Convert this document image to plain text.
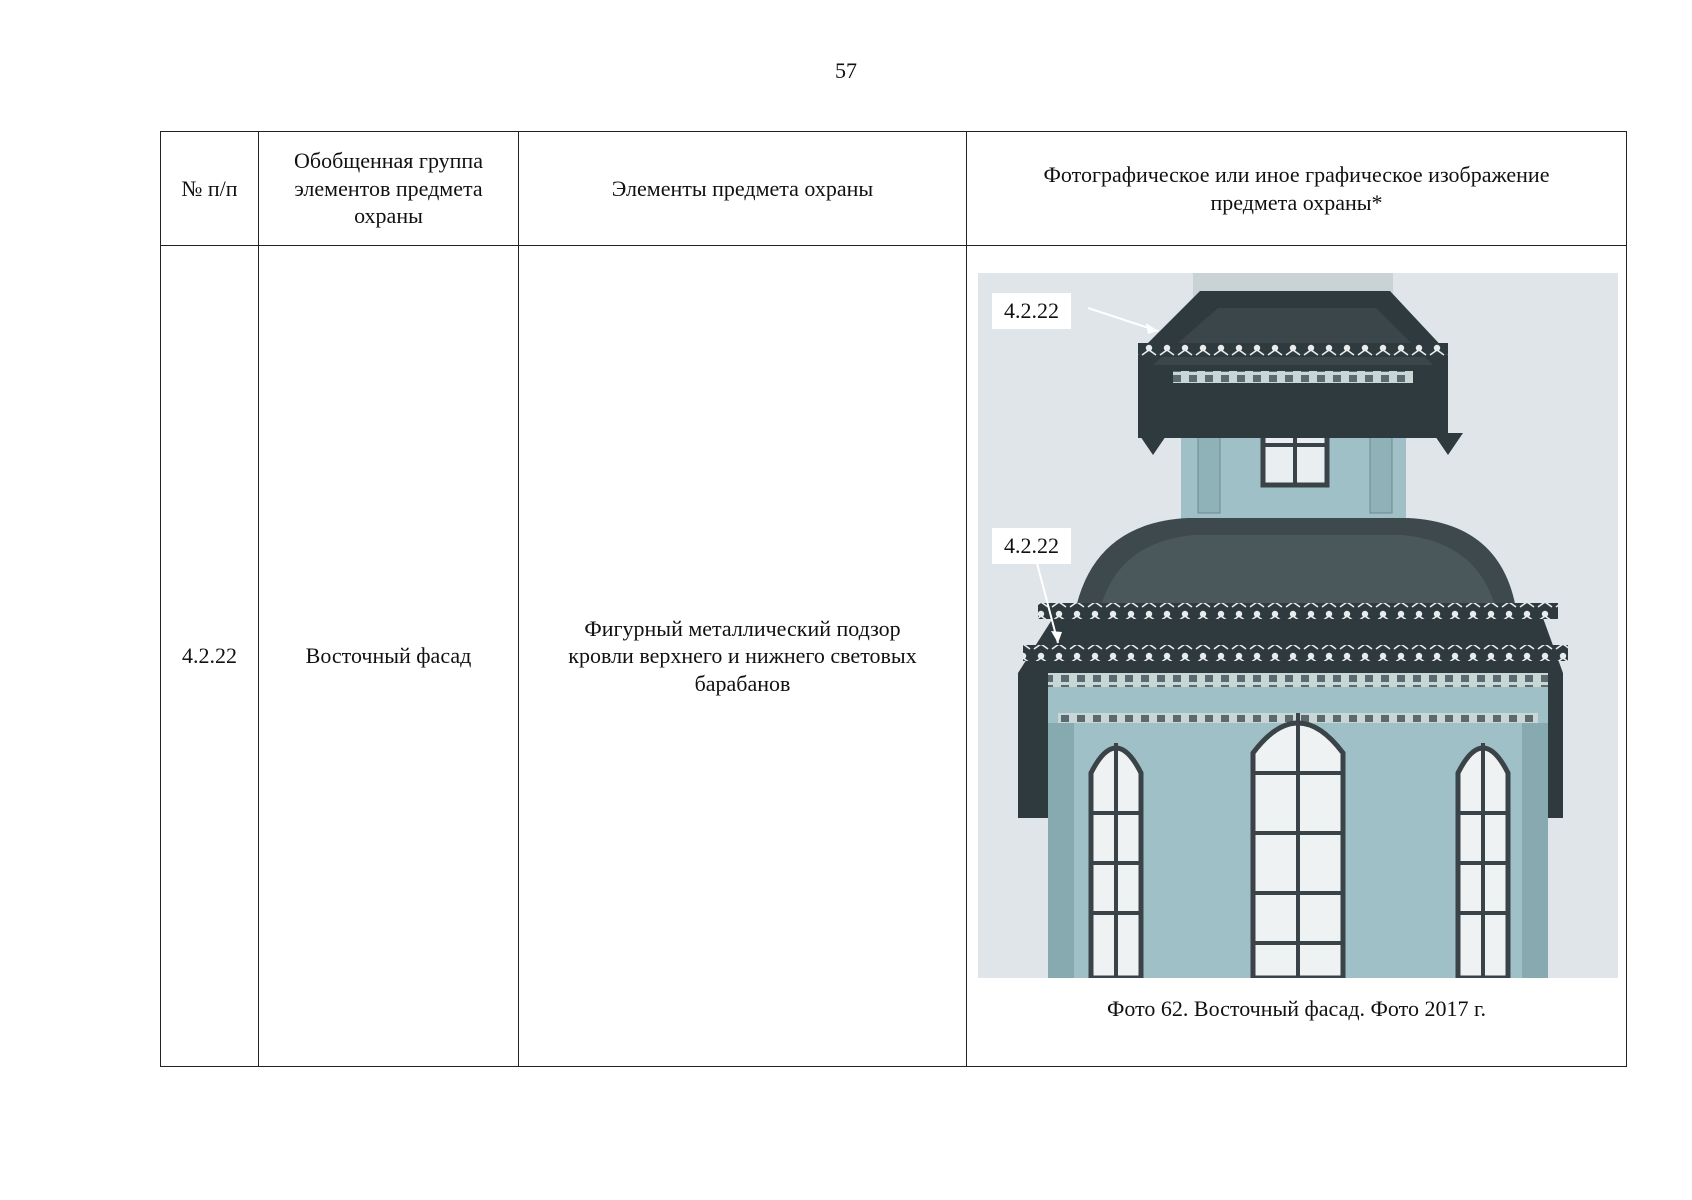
57
№ п/п	Обобщенная группа элементов предмета охраны	Элементы предмета охраны	Фотографическое или иное графическое изображение предмета охраны*
4.2.22	Восточный фасад	Фигурный металлический подзор кровли верхнего и нижнего световых барабанов	4.2.22
4.2.22
Фото 62. Восточный фасад. Фото 2017 г.
